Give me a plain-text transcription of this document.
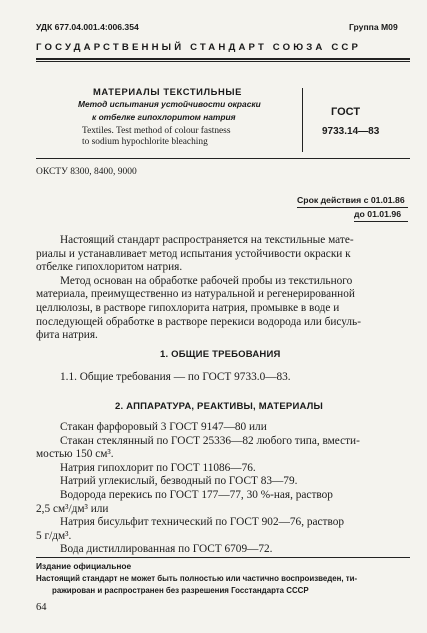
УДК 677.04.001.4:006.354	Группа М09
ГОСУДАРСТВЕННЫЙ СТАНДАРТ СОЮЗА ССР
МАТЕРИАЛЫ ТЕКСТИЛЬНЫЕ
Метод испытания устойчивости окраски
к отбелке гипохлоритом натрия
Textiles. Test method of colour fastness
to sodium hypochlorite bleaching
ГОСТ
9733.14—83
ОКСТУ 8300, 8400, 9000
Срок действия с 01.01.86
до 01.01.96
Настоящий стандарт распространяется на текстильные мате-
риалы и устанавливает метод испытания устойчивости окраски к
отбелке гипохлоритом натрия.
Метод основан на обработке рабочей пробы из текстильного
материала, преимущественно из натуральной и регенерированной
целлюлозы, в растворе гипохлорита натрия, промывке в воде и
последующей обработке в растворе перекиси водорода или бисуль-
фита натрия.
1. ОБЩИЕ ТРЕБОВАНИЯ
1.1. Общие требования — по ГОСТ 9733.0—83.
2. АППАРАТУРА, РЕАКТИВЫ, МАТЕРИАЛЫ
Стакан фарфоровый 3 ГОСТ 9147—80 или
Стакан стеклянный по ГОСТ 25336—82 любого типа, вмести-
мостью 150 см³.
Натрия гипохлорит по ГОСТ 11086—76.
Натрий углекислый, безводный по ГОСТ 83—79.
Водорода перекись по ГОСТ 177—77, 30 %-ная, раствор
2,5 см³/дм³ или
Натрия бисульфит технический по ГОСТ 902—76, раствор
5 г/дм³.
Вода дистиллированная по ГОСТ 6709—72.
Издание официальное
Настоящий стандарт не может быть полностью или частично воспроизведен, ти-
ражирован и распространен без разрешения Госстандарта СССР
64
